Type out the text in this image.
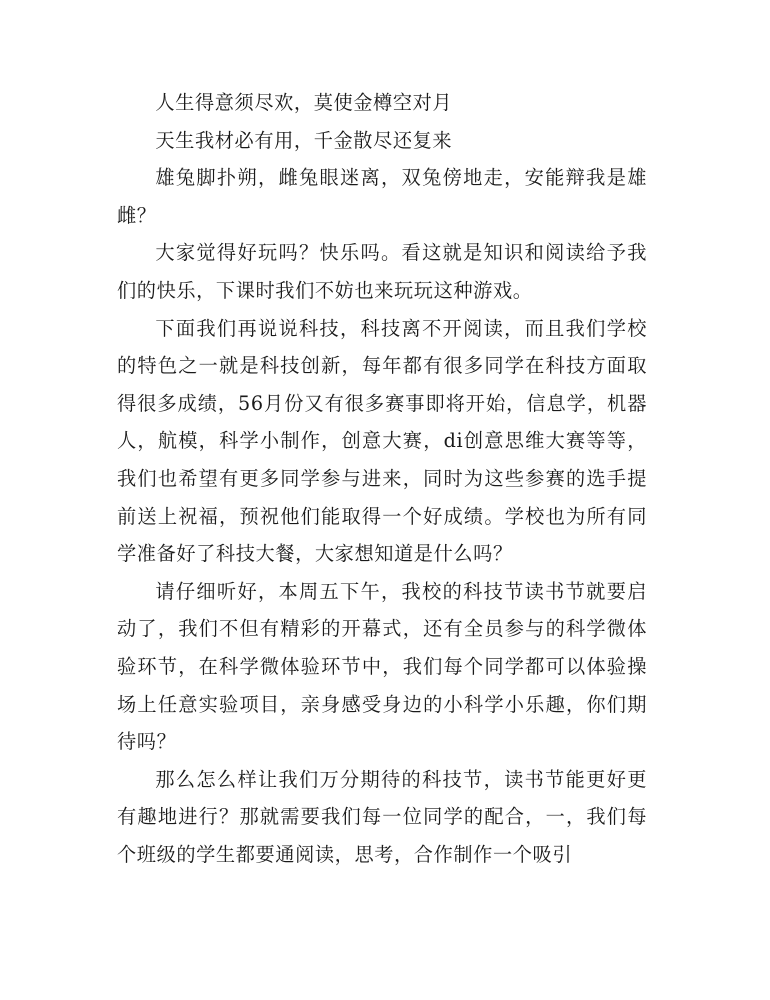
人生得意须尽欢，莫使金樽空对月

天生我材必有用，千金散尽还复来

雄兔脚扑朔，雌兔眼迷离，双兔傍地走，安能辩我是雄雌？

大家觉得好玩吗？快乐吗。看这就是知识和阅读给予我们的快乐，下课时我们不妨也来玩玩这种游戏。

下面我们再说说科技，科技离不开阅读，而且我们学校的特色之一就是科技创新，每年都有很多同学在科技方面取得很多成绩，56月份又有很多赛事即将开始，信息学，机器人，航模，科学小制作，创意大赛，di创意思维大赛等等，我们也希望有更多同学参与进来，同时为这些参赛的选手提前送上祝福，预祝他们能取得一个好成绩。学校也为所有同学准备好了科技大餐，大家想知道是什么吗？

请仔细听好，本周五下午，我校的科技节读书节就要启动了，我们不但有精彩的开幕式，还有全员参与的科学微体验环节，在科学微体验环节中，我们每个同学都可以体验操场上任意实验项目，亲身感受身边的小科学小乐趣，你们期待吗？

那么怎么样让我们万分期待的科技节，读书节能更好更有趣地进行？那就需要我们每一位同学的配合，一，我们每个班级的学生都要通阅读，思考，合作制作一个吸引
